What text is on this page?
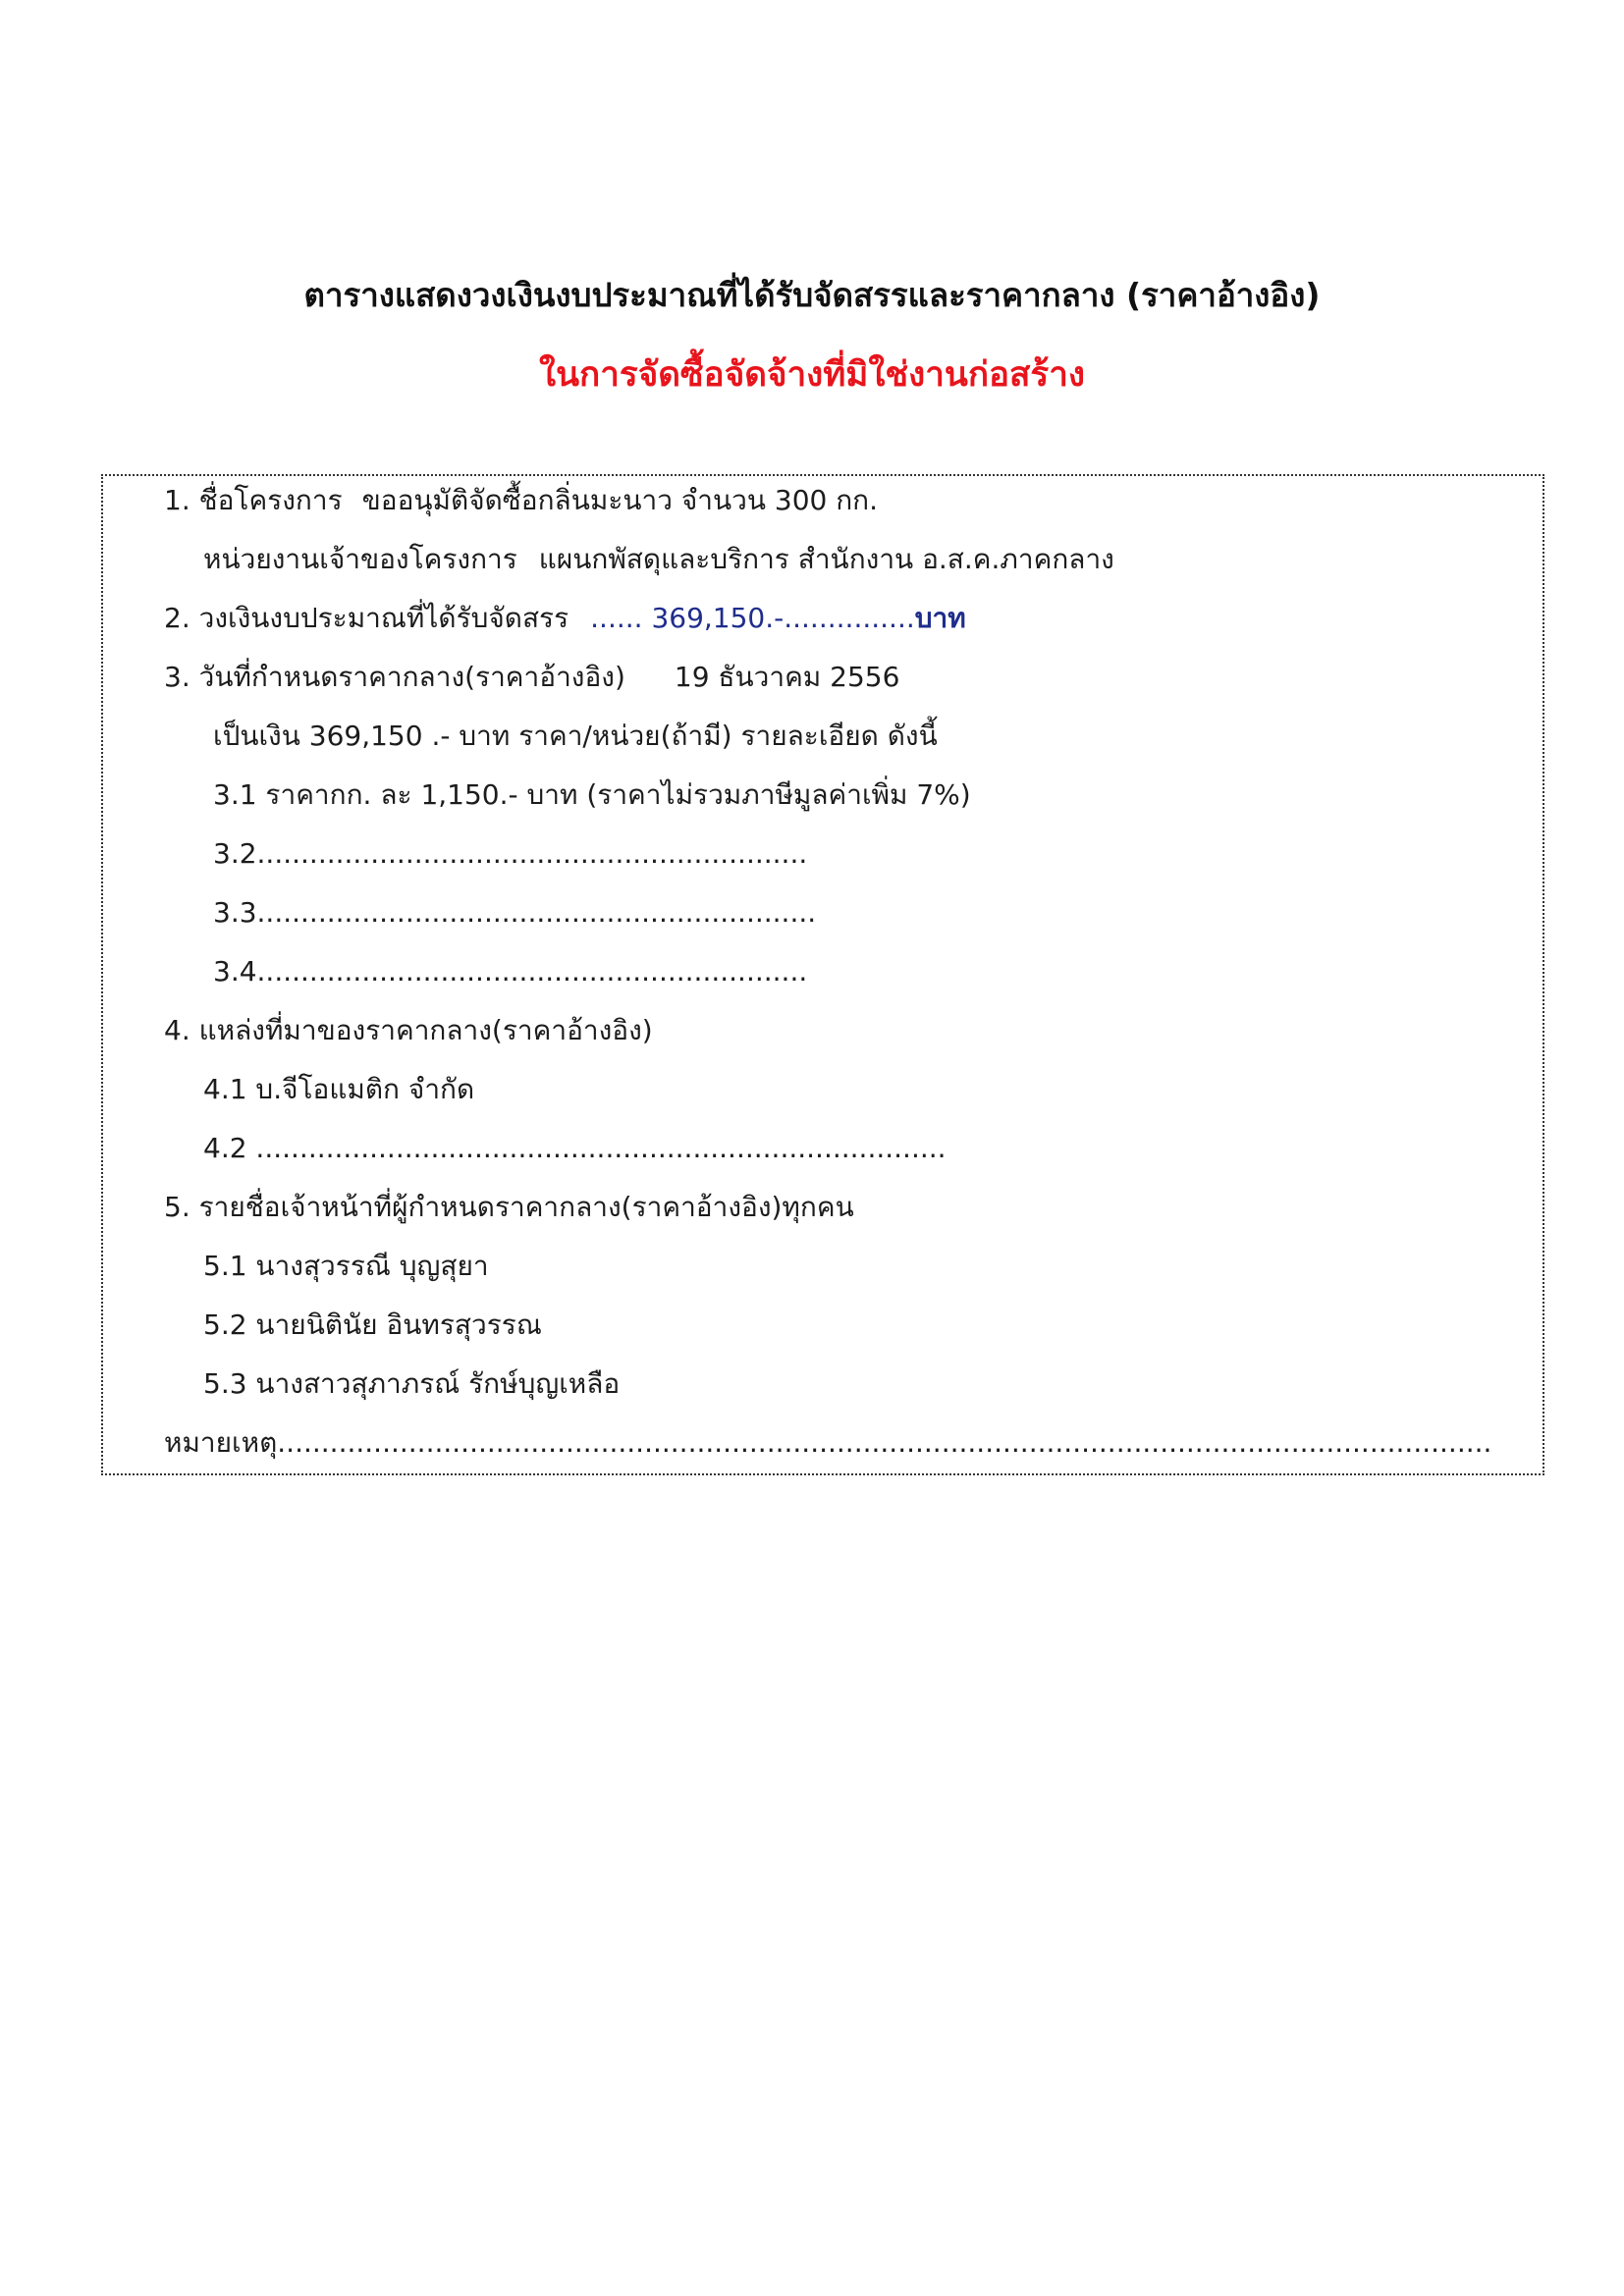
ตารางแสดงวงเงินงบประมาณที่ได้รับจัดสรรและราคากลาง (ราคาอ้างอิง)
ในการจัดซื้อจัดจ้างที่มิใช่งานก่อสร้าง
1. ชื่อโครงการ ขออนุมัติจัดซื้อกลิ่นมะนาว จำนวน 300 กก.
หน่วยงานเจ้าของโครงการ แผนกพัสดุและบริการ สำนักงาน อ.ส.ค.ภาคกลาง
2. วงเงินงบประมาณที่ได้รับจัดสรร ...... 369,150.-...............บาท
3. วันที่กำหนดราคากลาง(ราคาอ้างอิง) 19 ธันวาคม 2556
เป็นเงิน 369,150 .- บาท ราคา/หน่วย(ถ้ามี) รายละเอียด ดังนี้
3.1 ราคากก. ละ 1,150.- บาท (ราคาไม่รวมภาษีมูลค่าเพิ่ม 7%)
3.2...............................................................
3.3................................................................
3.4...............................................................
4. แหล่งที่มาของราคากลาง(ราคาอ้างอิง)
4.1 บ.จีโอแมติก จำกัด
4.2 ...............................................................................
5. รายชื่อเจ้าหน้าที่ผู้กำหนดราคากลาง(ราคาอ้างอิง)ทุกคน
5.1 นางสุวรรณี บุญสุยา
5.2 นายนิตินัย อินทรสุวรรณ
5.3 นางสาวสุภาภรณ์ รักษ์บุญเหลือ
หมายเหตุ...........................................................................................................................................
